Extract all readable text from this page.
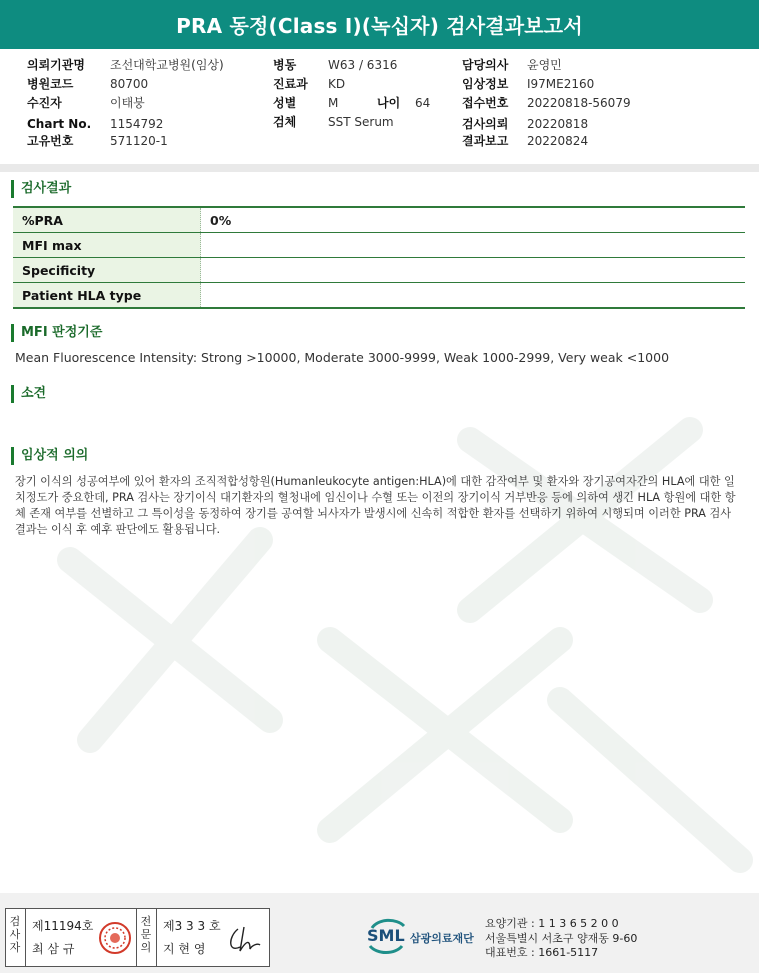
PRA 동정(Class I)(녹십자) 검사결과보고서
의뢰기관명 조선대학교병원(임상)
병원코드	80700
수진자	이태붕
Chart No. 1154792
고유번호	571120-1
병동	W63 / 6316
진료과 KD
성별	M	나이 64
검체	SST Serum
담당의사 윤영민
임상정보 I97ME2160
접수번호 20220818-56079
검사의뢰 20220818
결과보고 20220824
검사결과
%PRA	0%
MFI max	
Specificity	
Patient HLA type	
MFI 판정기준
Mean Fluorescence Intensity: Strong >10000, Moderate 3000-9999, Weak 1000-2999, Very weak <1000
소견
임상적 의의
장기 이식의 성공여부에 있어 환자의 조직적합성항원(Humanleukocyte antigen:HLA)에 대한 감작여부 및 환자와 장기공여자간의 HLA에 대한 일치정도가 중요한데, PRA 검사는 장기이식 대기환자의 혈청내에 임신이나 수혈 또는 이전의 장기이식 거부반응 등에 의하여 생긴 HLA 항원에 대한 항체 존재 여부를 선별하고 그 특이성을 동정하여 장기를 공여할 뇌사자가 발생시에 신속히 적합한 환자를 선택하기 위하여 시행되며 이러한 PRA 검사결과는 이식 후 예후 판단에도 활용됩니다.
검사자
제11194호
최 삼 규
전문의
제3 3 3 호
지 현 영
SML 삼광의료재단
요양기관 : 1 1 3 6 5 2 0 0
서울특별시 서초구 양재동 9-60
대표번호 : 1661-5117
